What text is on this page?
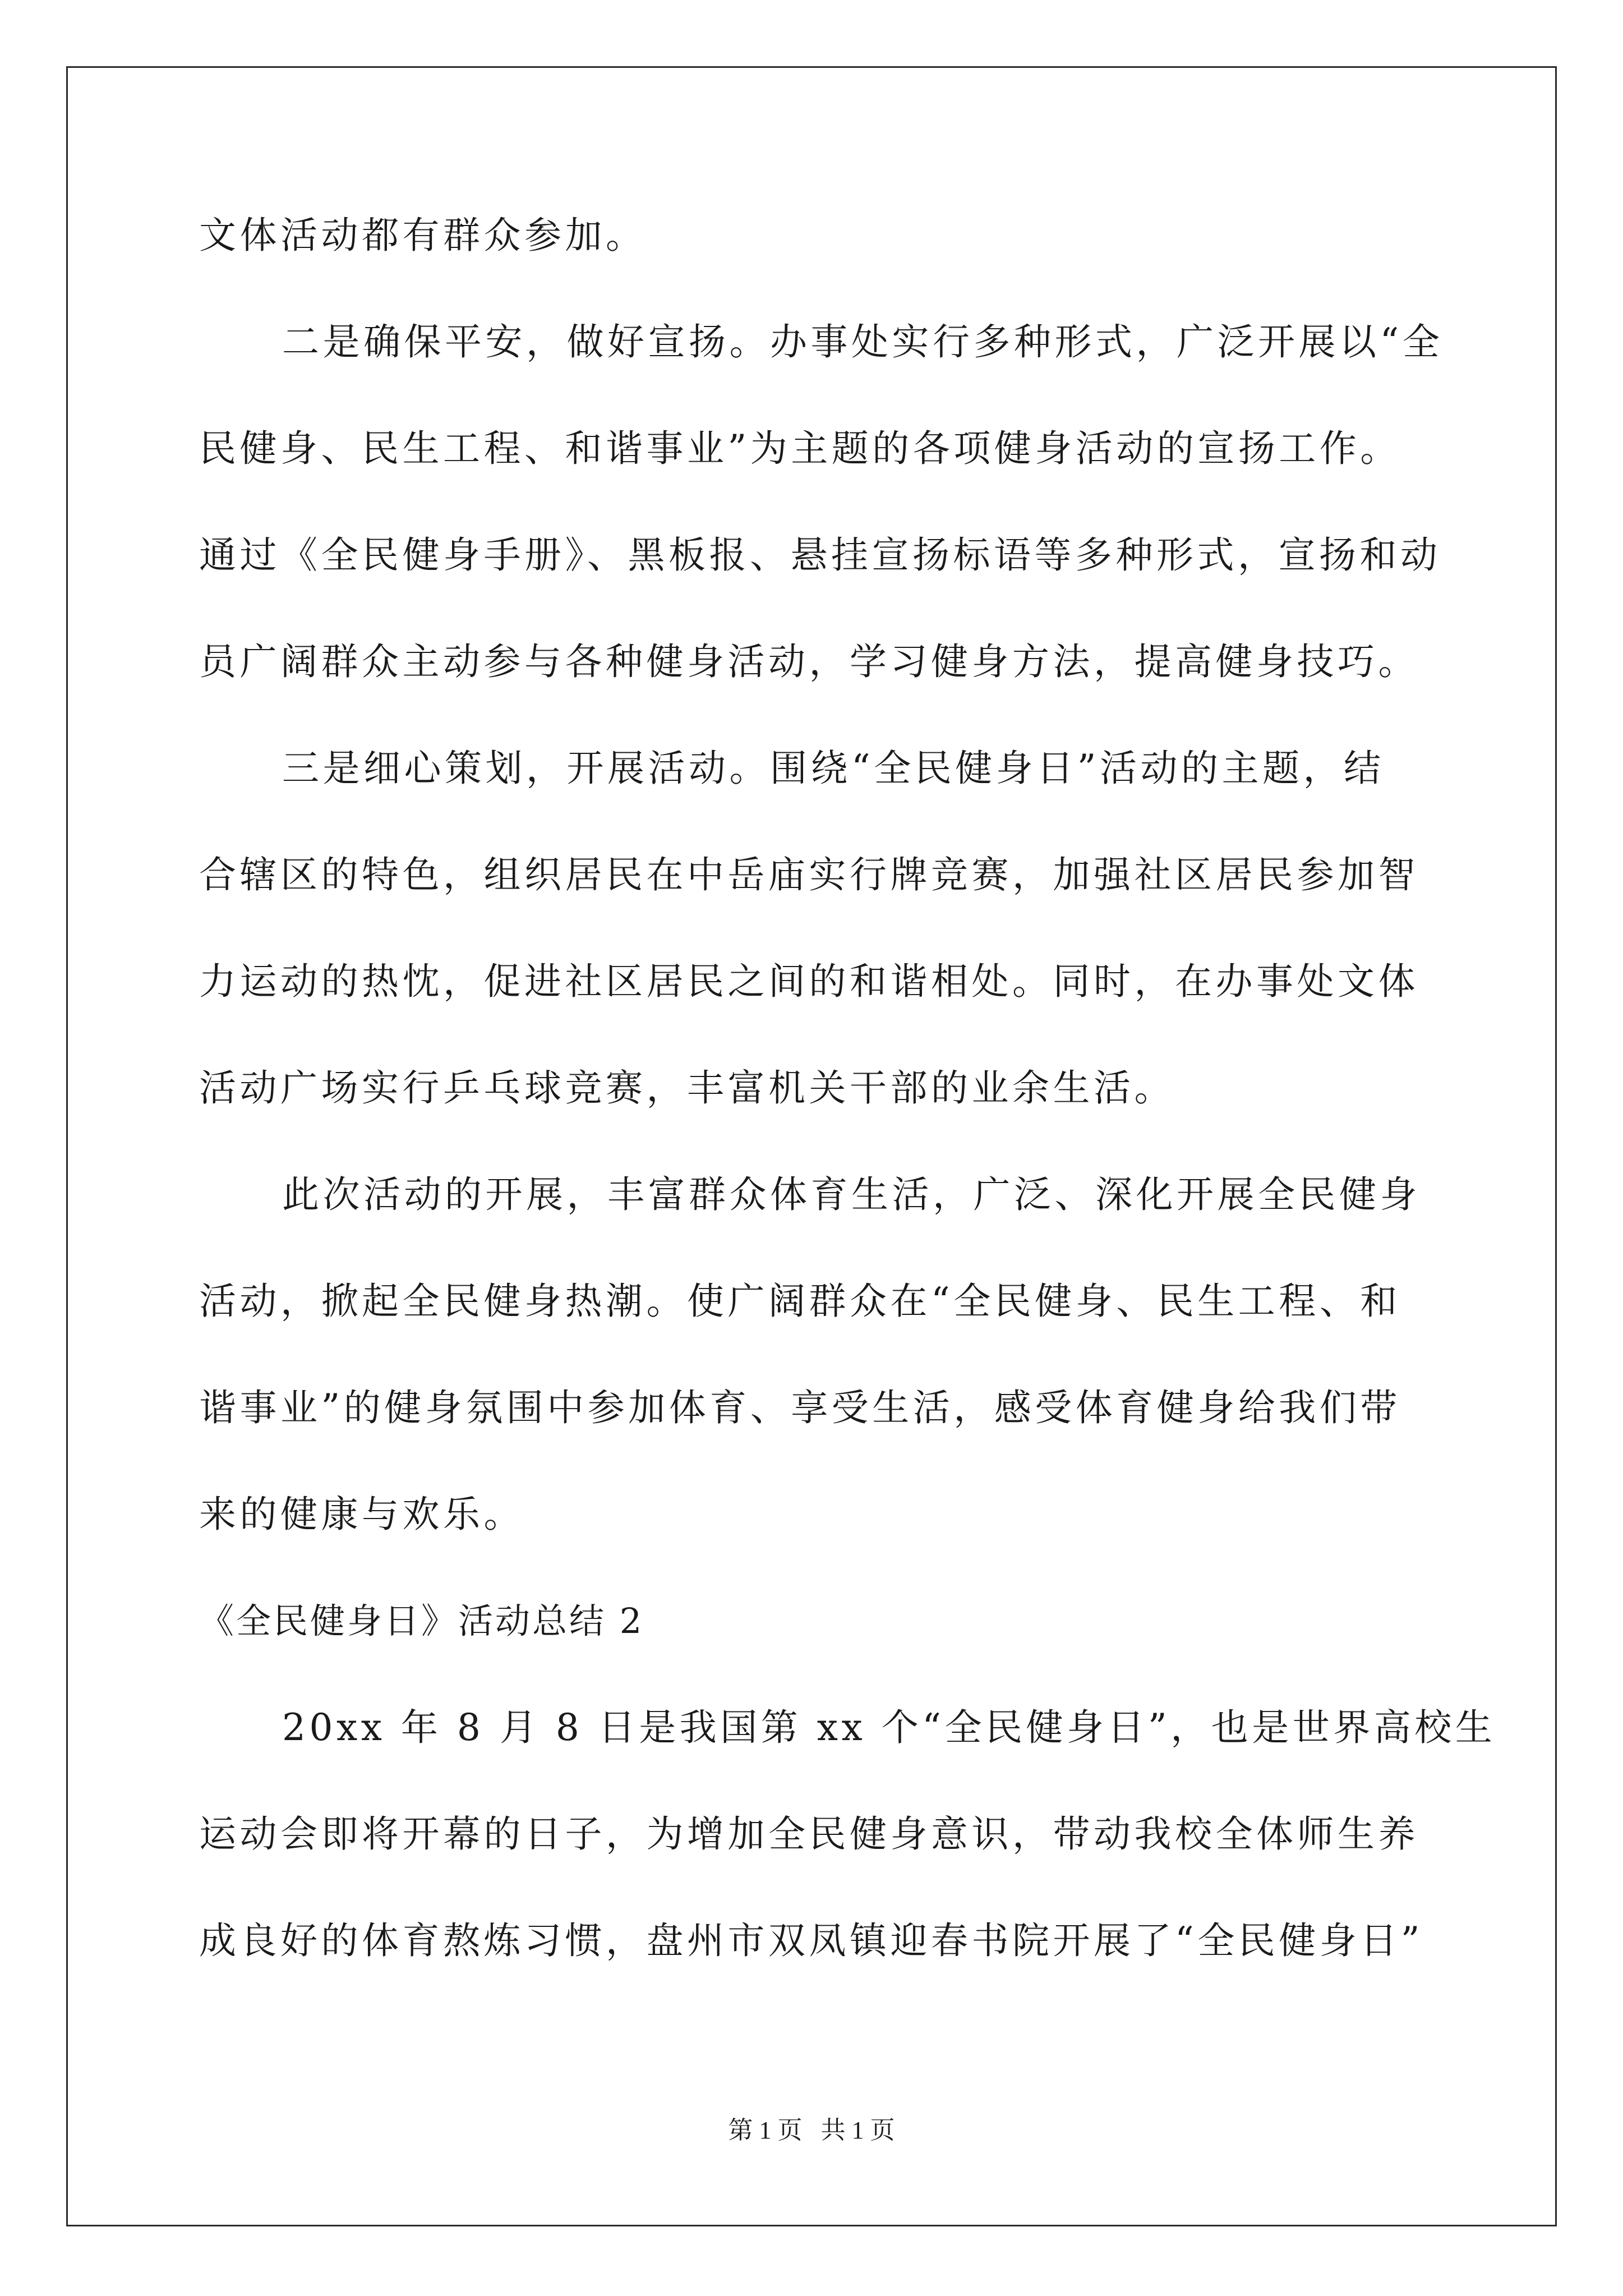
文体活动都有群众参加。
二是确保平安，做好宣扬。办事处实行多种形式，广泛开展以“全
民健身、民生工程、和谐事业”为主题的各项健身活动的宣扬工作。
通过《全民健身手册》、黑板报、悬挂宣扬标语等多种形式，宣扬和动
员广阔群众主动参与各种健身活动，学习健身方法，提高健身技巧。
三是细心策划，开展活动。围绕“全民健身日”活动的主题，结
合辖区的特色，组织居民在中岳庙实行牌竞赛，加强社区居民参加智
力运动的热忱，促进社区居民之间的和谐相处。同时，在办事处文体
活动广场实行乒乓球竞赛，丰富机关干部的业余生活。
此次活动的开展，丰富群众体育生活，广泛、深化开展全民健身
活动，掀起全民健身热潮。使广阔群众在“全民健身、民生工程、和
谐事业”的健身氛围中参加体育、享受生活，感受体育健身给我们带
来的健康与欢乐。
《全民健身日》活动总结 2
20xx 年 8 月 8 日是我国第 xx 个“全民健身日”，也是世界高校生
运动会即将开幕的日子，为增加全民健身意识，带动我校全体师生养
成良好的体育熬炼习惯，盘州市双凤镇迎春书院开展了“全民健身日”
第 1 页   共 1 页
